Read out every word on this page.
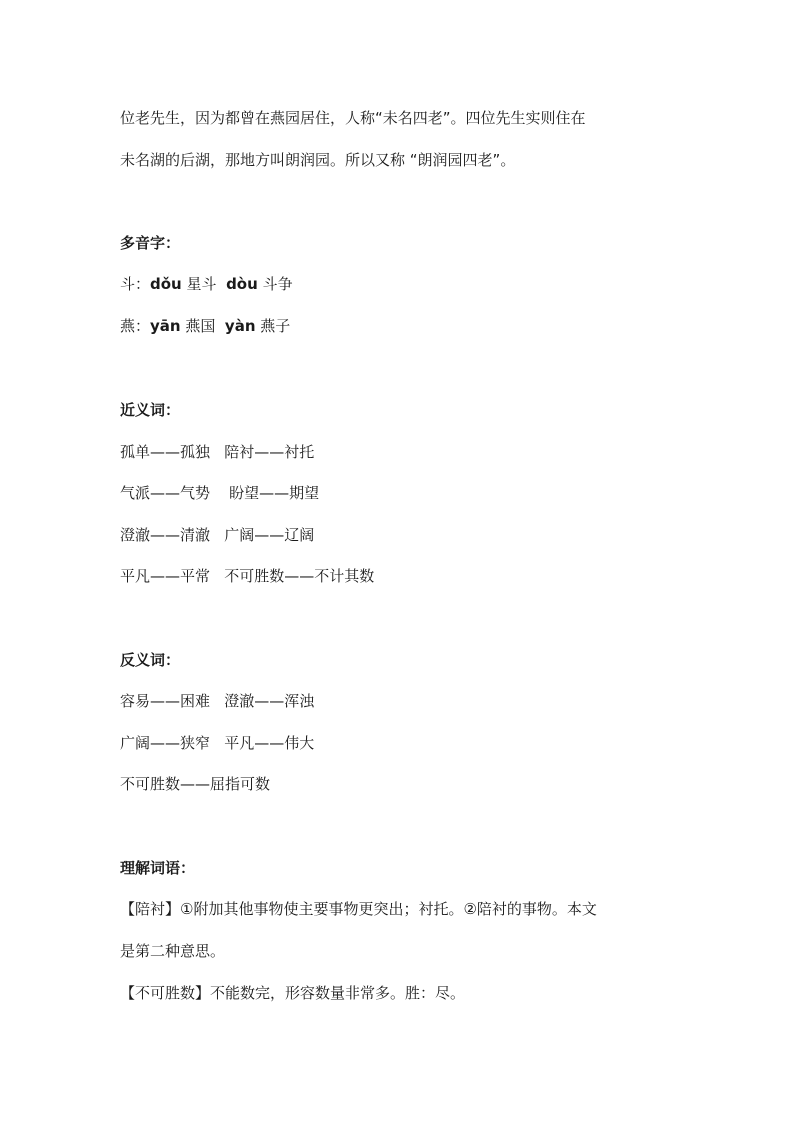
位老先生，因为都曾在燕园居住，人称“未名四老”。四位先生实则住在
未名湖的后湖，那地方叫朗润园。所以又称 “朗润园四老”。
多音字：
斗：dǒu 星斗  dòu 斗争
燕：yān 燕国  yàn 燕子
近义词：
孤单——孤独   陪衬——衬托
气派——气势    盼望——期望
澄澈——清澈   广阔——辽阔
平凡——平常   不可胜数——不计其数
反义词：
容易——困难   澄澈——浑浊
广阔——狭窄   平凡——伟大
不可胜数——屈指可数
理解词语：
【陪衬】①附加其他事物使主要事物更突出；衬托。②陪衬的事物。本文
是第二种意思。
【不可胜数】不能数完，形容数量非常多。胜：尽。
